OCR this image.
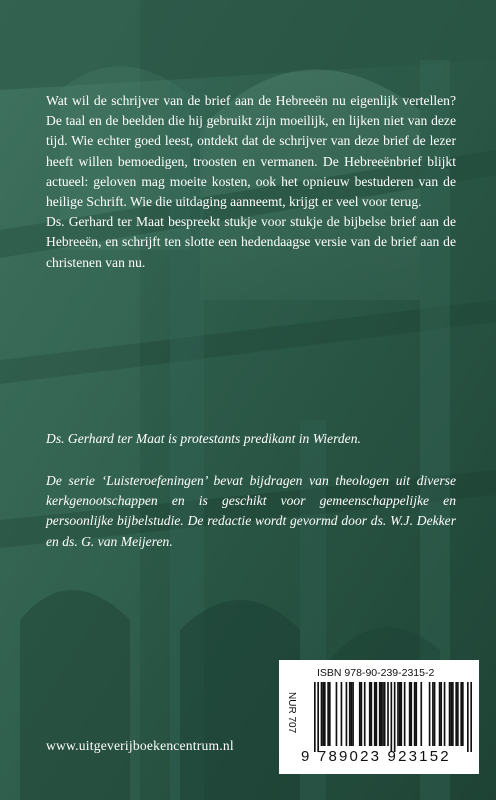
Wat wil de schrijver van de brief aan de Hebreeën nu eigenlijk vertellen? De taal en de beelden die hij gebruikt zijn moeilijk, en lijken niet van deze tijd. Wie echter goed leest, ontdekt dat de schrijver van deze brief de lezer heeft willen bemoedigen, troosten en vermanen. De Hebreeënbrief blijkt actueel: geloven mag moeite kosten, ook het opnieuw bestuderen van de heilige Schrift. Wie die uitdaging aanneemt, krijgt er veel voor terug.

Ds. Gerhard ter Maat bespreekt stukje voor stukje de bijbelse brief aan de Hebreeën, en schrijft ten slotte een hedendaagse versie van de brief aan de christenen van nu.

Ds. Gerhard ter Maat is protestants predikant in Wierden.

De serie ‘Luisteroefeningen’ bevat bijdragen van theologen uit diverse kerkgenootschappen en is geschikt voor gemeenschappelijke en persoonlijke bijbelstudie. De redactie wordt gevormd door ds. W.J. Dekker en ds. G. van Meijeren.

ISBN 978-90-239-2315-2
NUR 707
9 789023 923152
www.uitgeverijboekencentrum.nl
